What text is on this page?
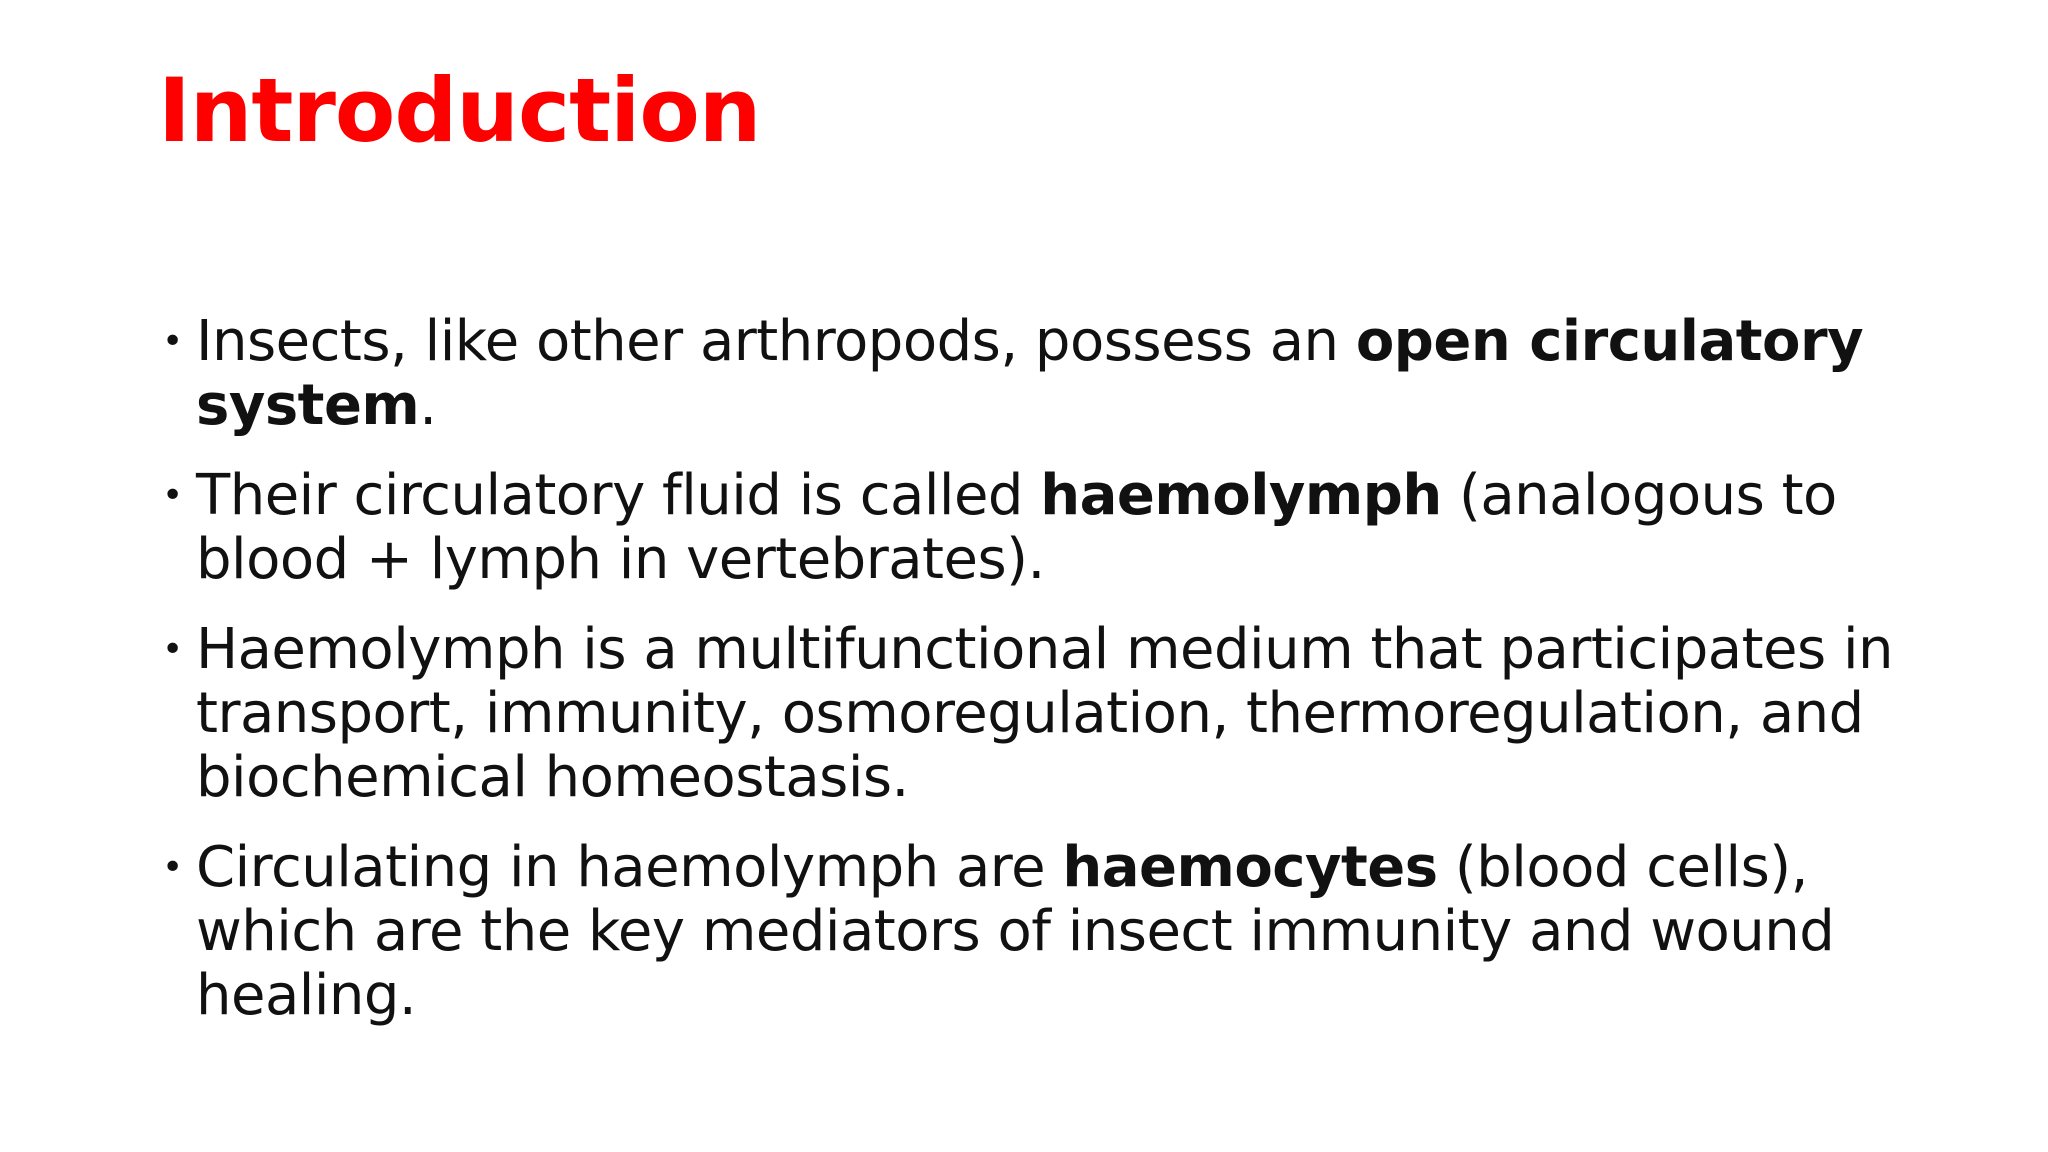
Introduction
• Insects, like other arthropods, possess an open circulatory system.
• Their circulatory fluid is called haemolymph (analogous to blood + lymph in vertebrates).
• Haemolymph is a multifunctional medium that participates in transport, immunity, osmoregulation, thermoregulation, and biochemical homeostasis.
• Circulating in haemolymph are haemocytes (blood cells), which are the key mediators of insect immunity and wound healing.
